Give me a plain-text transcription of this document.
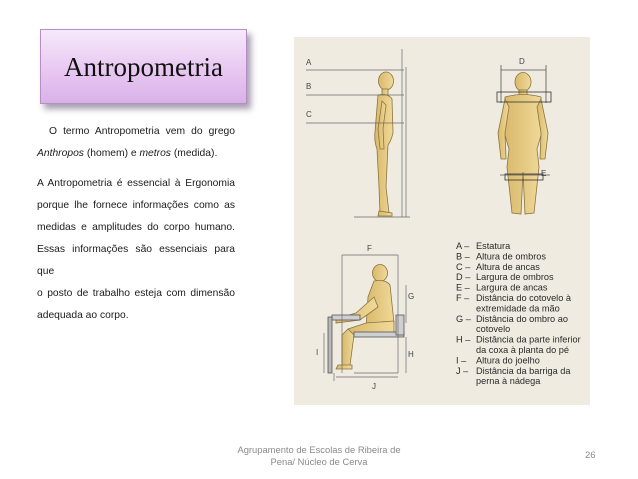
Antropometria
O termo Antropometria vem do grego
Anthropos (homem) e metros (medida).
A Antropometria é essencial à Ergonomia
porque lhe fornece informações como as
medidas e amplitudes do corpo humano.
Essas informações são essenciais para que
o posto de trabalho esteja com dimensão
adequada ao corpo.
A
B
C
D
E
F
G
H
I
J
A – Estatura
B – Altura de ombros
C – Altura de ancas
D – Largura de ombros
E – Largura de ancas
F – Distância do cotovelo à
extremidade da mão
G – Distância do ombro ao
cotovelo
H – Distância da parte inferior
da coxa à planta do pé
I – Altura do joelho
J – Distância da barriga da
perna à nádega
Agrupamento de Escolas de Ribeira de
Pena/ Núcleo de Cerva
26
